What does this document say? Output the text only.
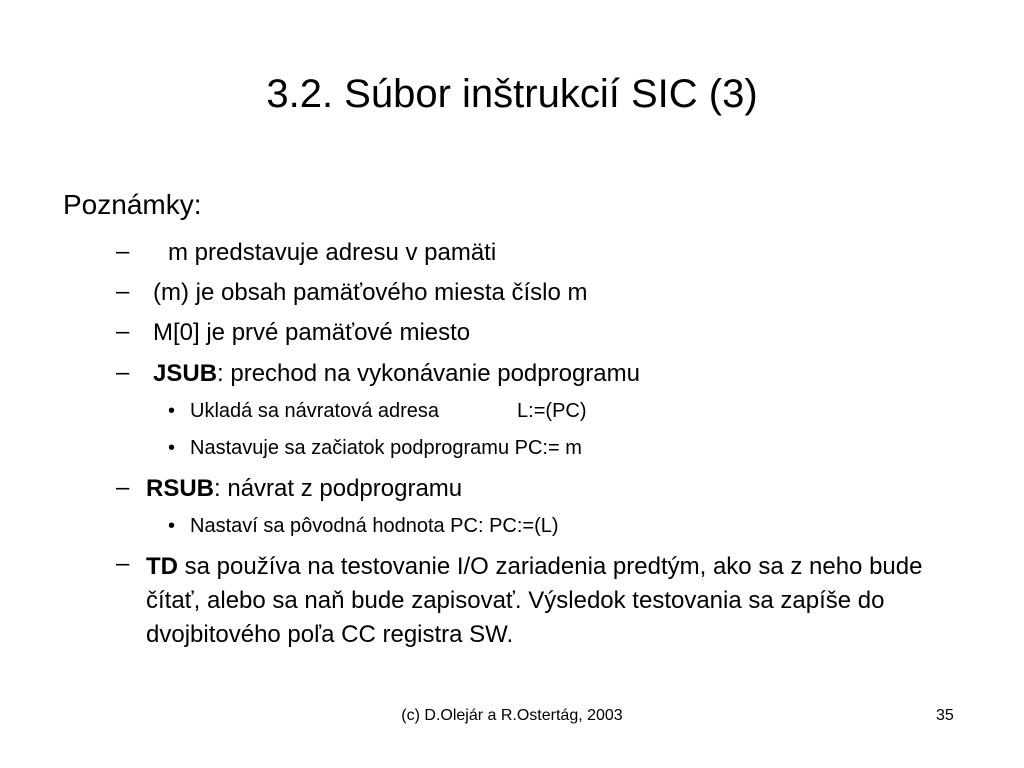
3.2. Súbor inštrukcií SIC (3)
Poznámky:
– m predstavuje adresu v pamäti
– (m) je obsah pamäťového miesta číslo m
– M[0] je prvé pamäťové miesto
– JSUB: prechod na vykonávanie podprogramu
• Ukladá sa návratová adresa	L:=(PC)
• Nastavuje sa začiatok podprogramu PC:= m
– RSUB: návrat z podprogramu
• Nastaví sa pôvodná hodnota PC: PC:=(L)
– TD sa používa na testovanie I/O zariadenia predtým, ako sa z neho bude čítať, alebo sa naň bude zapisovať. Výsledok testovania sa zapíše do dvojbitového poľa CC registra SW.
(c) D.Olejár a R.Ostertág, 2003	35
